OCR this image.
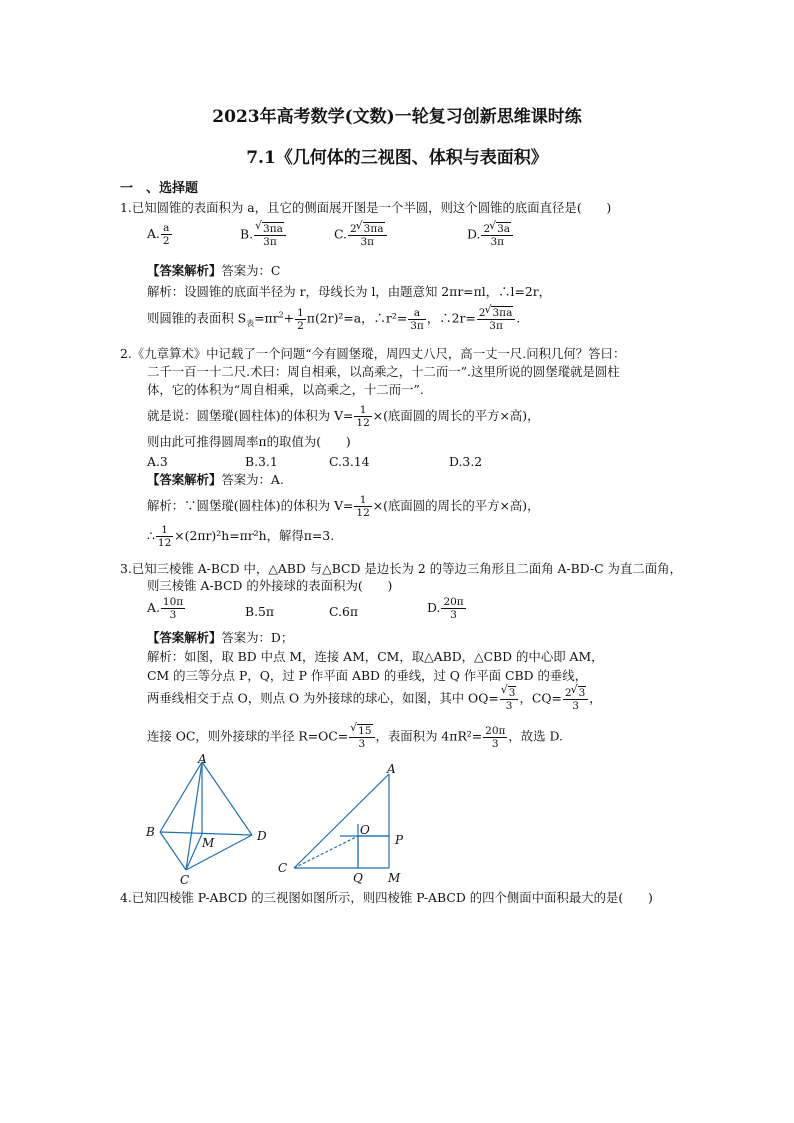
2023年高考数学(文数)一轮复习创新思维课时练
7.1《几何体的三视图、体积与表面积》
一　、选择题
1.已知圆锥的表面积为 a，且它的侧面展开图是一个半圆，则这个圆锥的底面直径是(　　)
A. $\frac{a}{2}$	B. √ $\frac{3\pi a}{3\pi}$	C. $\frac{2 √ 3\pi a}{3\pi}$	D. $\frac{2 √ 3a}{3\pi}$
【答案解析】答案为：C
解析：设圆锥的底面半径为 r，母线长为 l，由题意知 2πr=πl，∴l=2r，
则圆锥的表面积 $S_表=\pi r^2+ \frac{1}{2} \pi(2r)^2=a$，∴r²= $\frac{a}{3\pi}$ ，∴2r= $\frac{2 √ 3\pi a}{3\pi}$ .
2.《九章算术》中记载了一个问题“今有圆堡瑽，周四丈八尺，高一丈一尺.问积几何？答曰：
二千一百一十二尺.术曰：周自相乘，以高乘之，十二而一”.这里所说的圆堡瑽就是圆柱
体，它的体积为“周自相乘，以高乘之，十二而一”.
就是说：圆堡瑽(圆柱体)的体积为 $V= \frac{1}{12}$ ×(底面圆的周长的平方×高)，
则由此可推得圆周率π的取值为(　　)
A.3	B.3.1	C.3.14	D.3.2
【答案解析】答案为：A.
解析：∵圆堡瑽(圆柱体)的体积为 $V= \frac{1}{12}$ ×(底面圆的周长的平方×高)，
∴ $\frac{1}{12} \times(2\pi r)^2h=\pi r^2h$，解得π=3.
3.已知三棱锥 A-BCD 中，△ABD 与△BCD 是边长为 2 的等边三角形且二面角 A-BD-C 为直二面角，
则三棱锥 A-BCD 的外接球的表面积为(　　)
A. $\frac{10\pi}{3}$	B.5π	C.6π	D. $\frac{20\pi}{3}$
【答案解析】答案为：D；
解析：如图，取 BD 中点 M，连接 AM，CM，取△ABD，△CBD 的中心即 AM，
CM 的三等分点 P，Q，过 P 作平面 ABD 的垂线，过 Q 作平面 CBD 的垂线，
两垂线相交于点 O，则点 O 为外接球的球心，如图，其中 OQ= √ $\frac{3}{3}$ ，$CQ= \frac{2 √ 3}{3}$ ，
连接 OC，则外接球的半径 R=OC= √ $\frac{15}{3}$ ，表面积为 $4\pi R^2= \frac{20\pi}{3}$ ，故选 D.
A
B	D
M
C
A
C
O
P
Q M
4.已知四棱锥 P-ABCD 的三视图如图所示，则四棱锥 P-ABCD 的四个侧面中面积最大的是(　　)
